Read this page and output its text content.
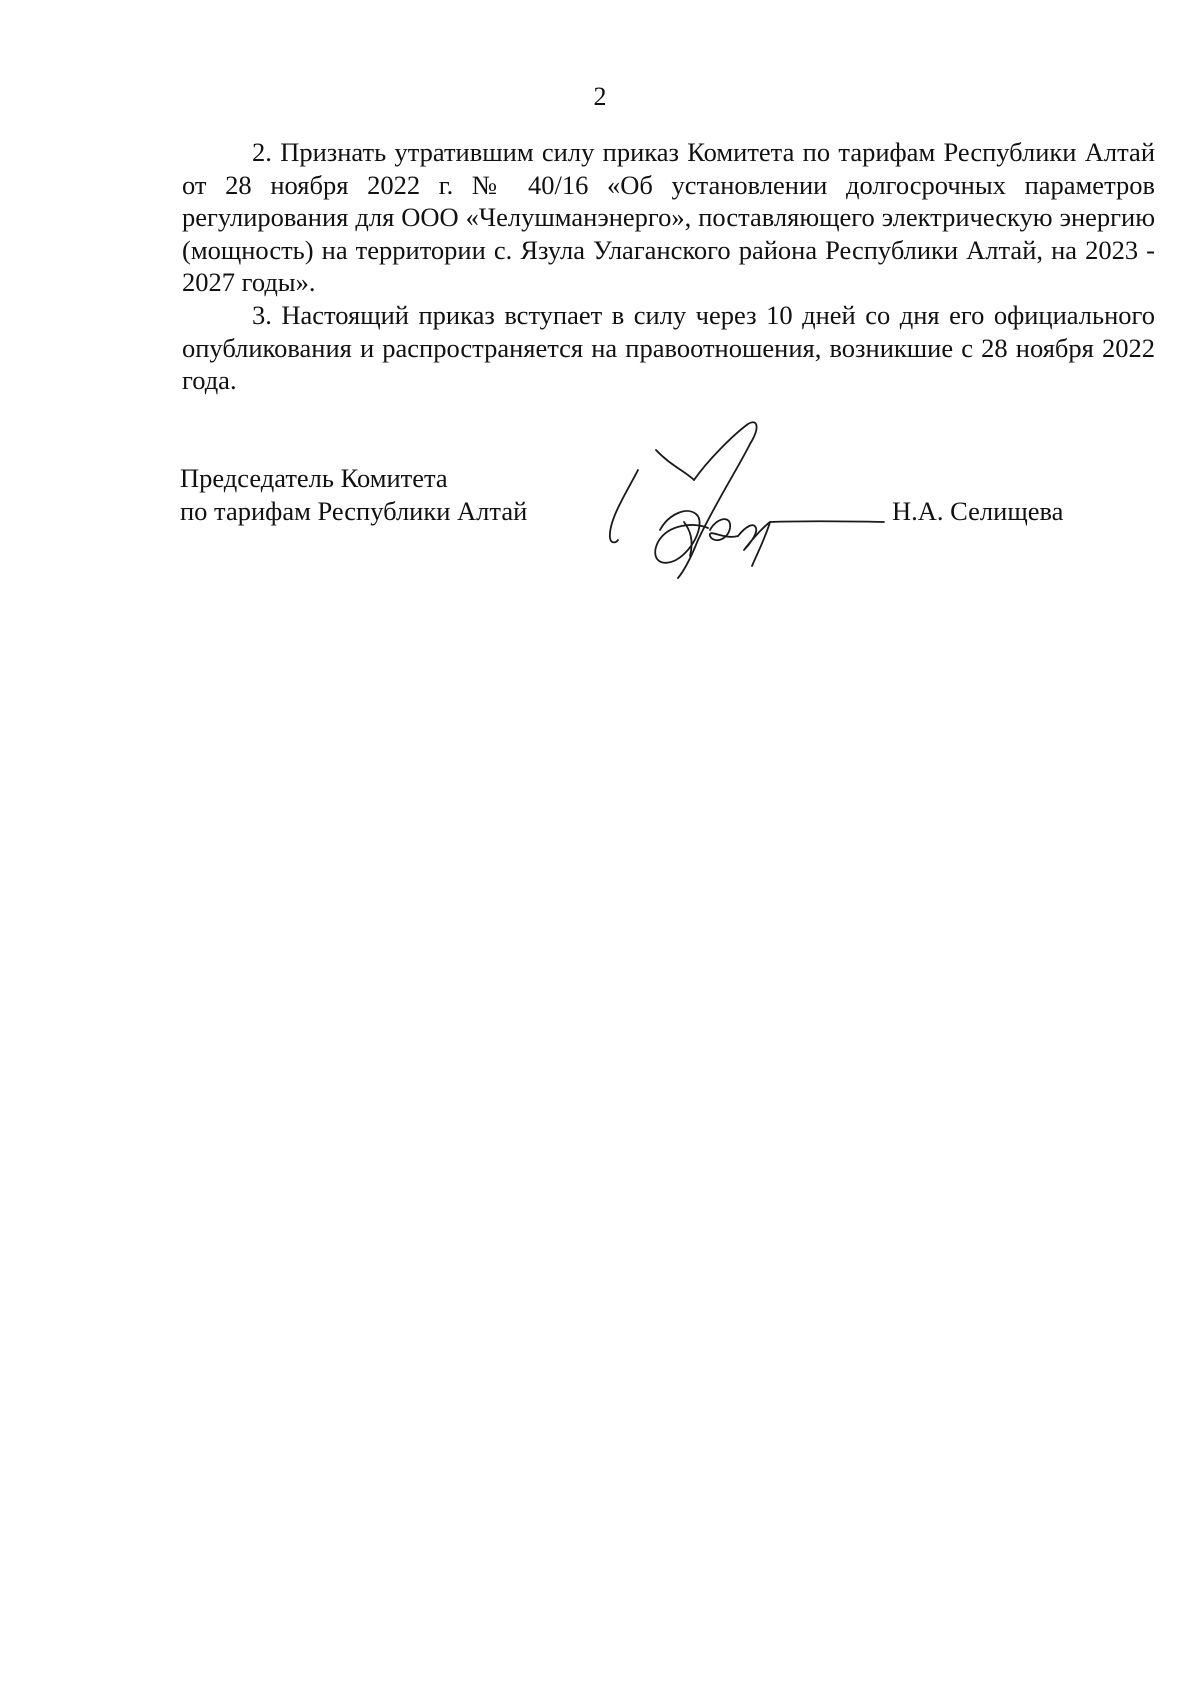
2

2. Признать утратившим силу приказ Комитета по тарифам Республики Алтай от 28 ноября 2022 г. № 40/16 «Об установлении долгосрочных параметров регулирования для ООО «Челушманэнерго», поставляющего электрическую энергию (мощность) на территории с. Язула Улаганского района Республики Алтай, на 2023 - 2027 годы».

3. Настоящий приказ вступает в силу через 10 дней со дня его официального опубликования и распространяется на правоотношения, возникшие с 28 ноября 2022 года.

Председатель Комитета
по тарифам Республики Алтай	Н.А. Селищева
